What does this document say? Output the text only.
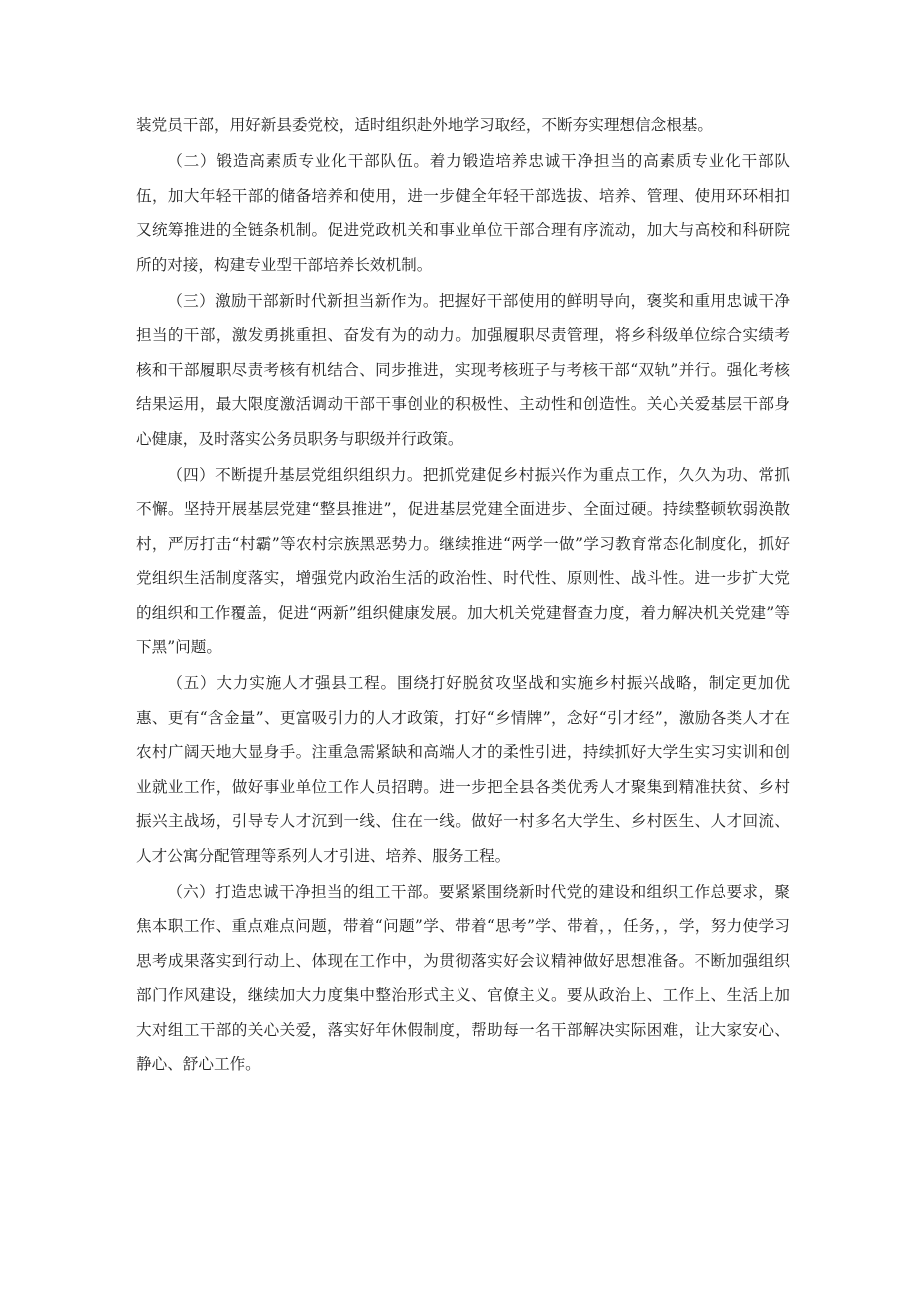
装党员干部，用好新县委党校，适时组织赴外地学习取经，不断夯实理想信念根基。

（二）锻造高素质专业化干部队伍。着力锻造培养忠诚干净担当的高素质专业化干部队伍，加大年轻干部的储备培养和使用，进一步健全年轻干部选拔、培养、管理、使用环环相扣又统筹推进的全链条机制。促进党政机关和事业单位干部合理有序流动，加大与高校和科研院所的对接，构建专业型干部培养长效机制。

（三）激励干部新时代新担当新作为。把握好干部使用的鲜明导向，褒奖和重用忠诚干净担当的干部，激发勇挑重担、奋发有为的动力。加强履职尽责管理，将乡科级单位综合实绩考核和干部履职尽责考核有机结合、同步推进，实现考核班子与考核干部“双轨”并行。强化考核结果运用，最大限度激活调动干部干事创业的积极性、主动性和创造性。关心关爱基层干部身心健康，及时落实公务员职务与职级并行政策。

（四）不断提升基层党组织组织力。把抓党建促乡村振兴作为重点工作，久久为功、常抓不懈。坚持开展基层党建“整县推进”，促进基层党建全面进步、全面过硬。持续整顿软弱涣散村，严厉打击“村霸”等农村宗族黑恶势力。继续推进“两学一做”学习教育常态化制度化，抓好党组织生活制度落实，增强党内政治生活的政治性、时代性、原则性、战斗性。进一步扩大党的组织和工作覆盖，促进“两新”组织健康发展。加大机关党建督查力度，着力解决机关党建”等下黑”问题。

（五）大力实施人才强县工程。围绕打好脱贫攻坚战和实施乡村振兴战略，制定更加优惠、更有“含金量”、更富吸引力的人才政策，打好“乡情牌”，念好“引才经”，激励各类人才在农村广阔天地大显身手。注重急需紧缺和高端人才的柔性引进，持续抓好大学生实习实训和创业就业工作，做好事业单位工作人员招聘。进一步把全县各类优秀人才聚集到精准扶贫、乡村振兴主战场，引导专人才沉到一线、住在一线。做好一村多名大学生、乡村医生、人才回流、人才公寓分配管理等系列人才引进、培养、服务工程。

（六）打造忠诚干净担当的组工干部。要紧紧围绕新时代党的建设和组织工作总要求，聚焦本职工作、重点难点问题，带着“问题”学、带着“思考”学、带着，，任务，，学，努力使学习思考成果落实到行动上、体现在工作中，为贯彻落实好会议精神做好思想准备。不断加强组织部门作风建设，继续加大力度集中整治形式主义、官僚主义。要从政治上、工作上、生活上加大对组工干部的关心关爱，落实好年休假制度，帮助每一名干部解决实际困难，让大家安心、静心、舒心工作。
